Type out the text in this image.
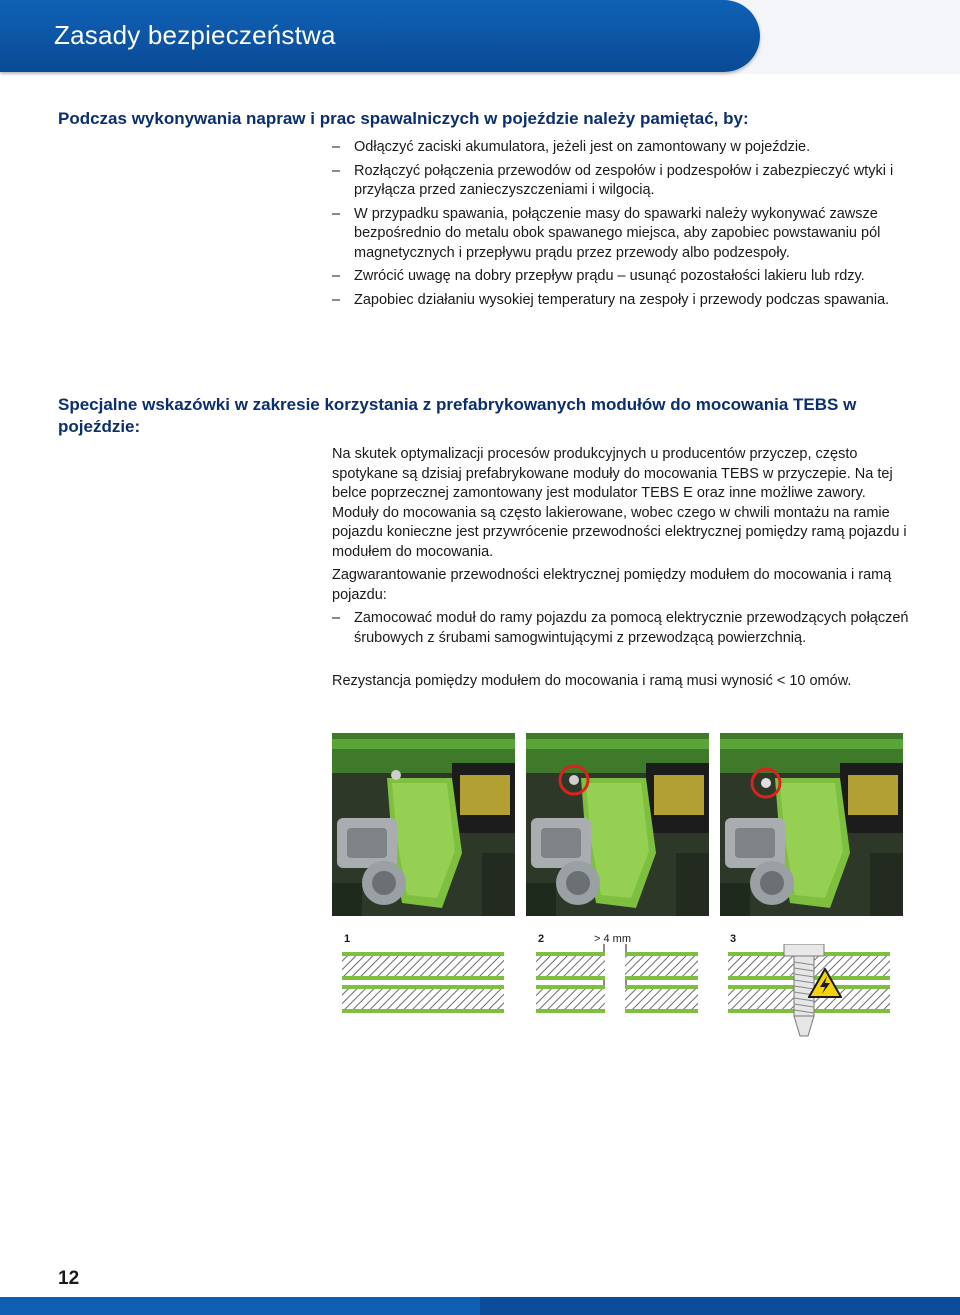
Zasady bezpieczeństwa
Podczas wykonywania napraw i prac spawalniczych w pojeździe należy pamiętać, by:
– Odłączyć zaciski akumulatora, jeżeli jest on zamontowany w pojeździe.
– Rozłączyć połączenia przewodów od zespołów i podzespołów i zabezpieczyć wtyki i przyłącza przed zanieczyszczeniami i wilgocią.
– W przypadku spawania, połączenie masy do spawarki należy wykonywać zawsze bezpośrednio do metalu obok spawanego miejsca, aby zapobiec powstawaniu pól magnetycznych i przepływu prądu przez przewody albo podzespoły.
– Zwrócić uwagę na dobry przepływ prądu – usunąć pozostałości lakieru lub rdzy.
– Zapobiec działaniu wysokiej temperatury na zespoły i przewody podczas spawania.
Specjalne wskazówki w zakresie korzystania z prefabrykowanych modułów do mocowania TEBS w pojeździe:

Na skutek optymalizacji procesów produkcyjnych u producentów przyczep, często spotykane są dzisiaj prefabrykowane moduły do mocowania TEBS w przyczepie. Na tej belce poprzecznej zamontowany jest modulator TEBS E oraz inne możliwe zawory. Moduły do mocowania są często lakierowane, wobec czego w chwili montażu na ramie pojazdu konieczne jest przywrócenie przewodności elektrycznej pomiędzy ramą pojazdu i modułem do mocowania.

Zagwarantowanie przewodności elektrycznej pomiędzy modułem do mocowania i ramą pojazdu:

– Zamocować moduł do ramy pojazdu za pomocą elektrycznie przewodzących połączeń śrubowych z śrubami samogwintującymi z przewodzącą powierzchnią.

Rezystancja pomiędzy modułem do mocowania i ramą musi wynosić < 10 omów.

1	2	3
> 4 mm
12
